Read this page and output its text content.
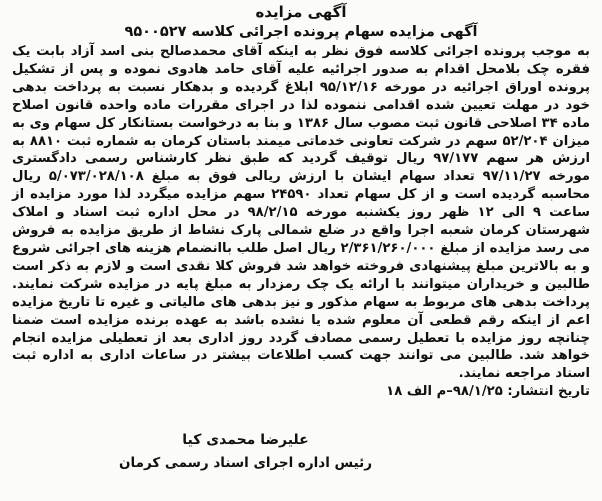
آگهی مزایده

آگهی مزایده سهام پرونده اجرائی کلاسه ۹۵۰۰۵۲۷

به موجب پرونده اجرائی کلاسه فوق نظر به اینکه آقای محمدصالح بنی اسد آزاد بابت یک فقره چک بلامحل اقدام به صدور اجرائیه علیه آقای حامد هادوی نموده و پس از تشکیل پرونده اوراق اجرائیه در مورخه ۹۵/۱۲/۱۶ ابلاغ گردیده و بدهکار نسبت به پرداخت بدهی خود در مهلت تعیین شده اقدامی ننموده لذا در اجرای مقررات ماده واحده قانون اصلاح ماده ۳۴ اصلاحی قانون ثبت مصوب سال ۱۳۸۶ و بنا به درخواست بستانکار کل سهام وی به میزان ۵۲/۲۰۴ سهم در شرکت تعاونی خدماتی میمند باستان کرمان به شماره ثبت ۸۸۱۰ به ارزش هر سهم ۹۷/۱۷۷ ریال توقیف گردید که طبق نظر کارشناس رسمی دادگستری مورخه ۹۷/۱۱/۲۷ تعداد سهام ایشان با ارزش ریالی فوق به مبلغ ۵/۰۷۳/۰۲۸/۱۰۸ ریال محاسبه گردیده است و از کل سهام تعداد ۲۴۵۹۰ سهم مزایده میگردد لذا مورد مزایده از ساعت ۹ الی ۱۲ ظهر روز یکشنبه مورخه ۹۸/۲/۱۵ در محل اداره ثبت اسناد و املاک شهرستان کرمان شعبه اجرا واقع در ضلع شمالی پارک نشاط از طریق مزایده به فروش می رسد مزایده از مبلغ ۲/۳۶۱/۲۶۰/۰۰۰ ریال اصل طلب باانضمام هزینه های اجرائی شروع و به بالاترین مبلغ پیشنهادی فروخته خواهد شد فروش کلا نقدی است و لازم به ذکر است طالبین و خریداران میتوانند با ارائه یک چک رمزدار به مبلغ پایه در مزایده شرکت نمایند. پرداخت بدهی های مربوط به سهام مذکور و نیز بدهی های مالیاتی و غیره تا تاریخ مزایده اعم از اینکه رقم قطعی آن معلوم شده یا نشده باشد به عهده برنده مزایده است ضمنا چنانچه روز مزایده با تعطیل رسمی مصادف گردد روز اداری بعد از تعطیلی مزایده انجام خواهد شد. طالبین می توانند جهت کسب اطلاعات بیشتر در ساعات اداری به اداره ثبت اسناد مراجعه نمایند.

تاریخ انتشار: ۹۸/۱/۲۵–م الف ۱۸

علیرضا محمدی کیا

رئیس اداره اجرای اسناد رسمی کرمان
